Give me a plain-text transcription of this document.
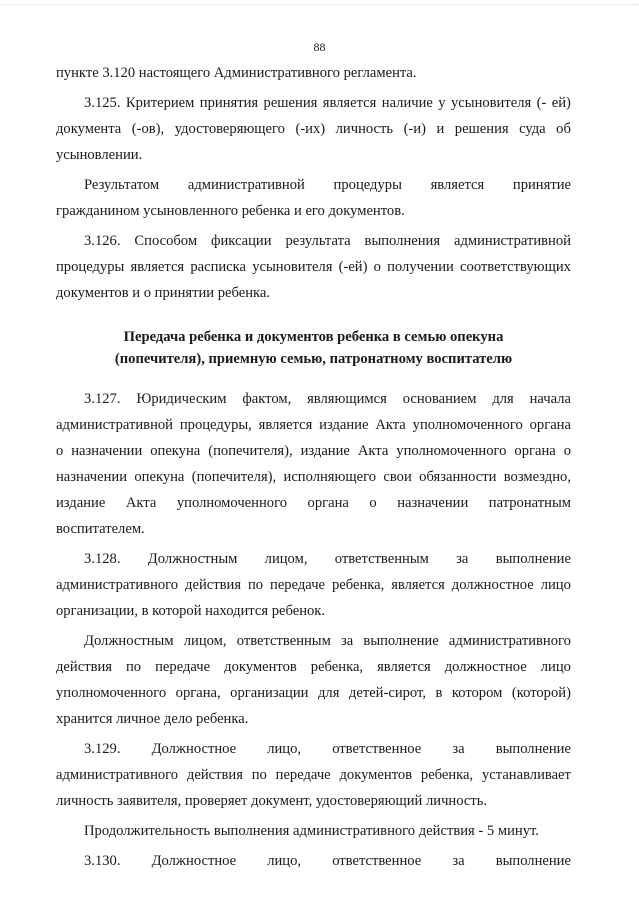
88
пункте 3.120 настоящего Административного регламента.
3.125. Критерием принятия решения является наличие у усыновителя (- ей)
документа (-ов), удостоверяющего (-их) личность (-и) и решения суда об
усыновлении.
Результатом административной процедуры является принятие
гражданином усыновленного ребенка и его документов.
3.126. Способом фиксации результата выполнения административной
процедуры является расписка усыновителя (-ей) о получении соответствующих
документов и о принятии ребенка.
Передача ребенка и документов ребенка в семью опекуна
(попечителя), приемную семью, патронатному воспитателю
3.127. Юридическим фактом, являющимся основанием для начала
административной процедуры, является издание Акта уполномоченного органа
о назначении опекуна (попечителя), издание Акта уполномоченного органа о
назначении опекуна (попечителя), исполняющего свои обязанности возмездно,
издание Акта уполномоченного органа о назначении патронатным
воспитателем.
3.128. Должностным лицом, ответственным за выполнение
административного действия по передаче ребенка, является должностное лицо
организации, в которой находится ребенок.
Должностным лицом, ответственным за выполнение административного
действия по передаче документов ребенка, является должностное лицо
уполномоченного органа, организации для детей-сирот, в котором (которой)
хранится личное дело ребенка.
3.129. Должностное лицо, ответственное за выполнение
административного действия по передаче документов ребенка, устанавливает
личность заявителя, проверяет документ, удостоверяющий личность.
Продолжительность выполнения административного действия - 5 минут.
3.130. Должностное лицо, ответственное за выполнение
